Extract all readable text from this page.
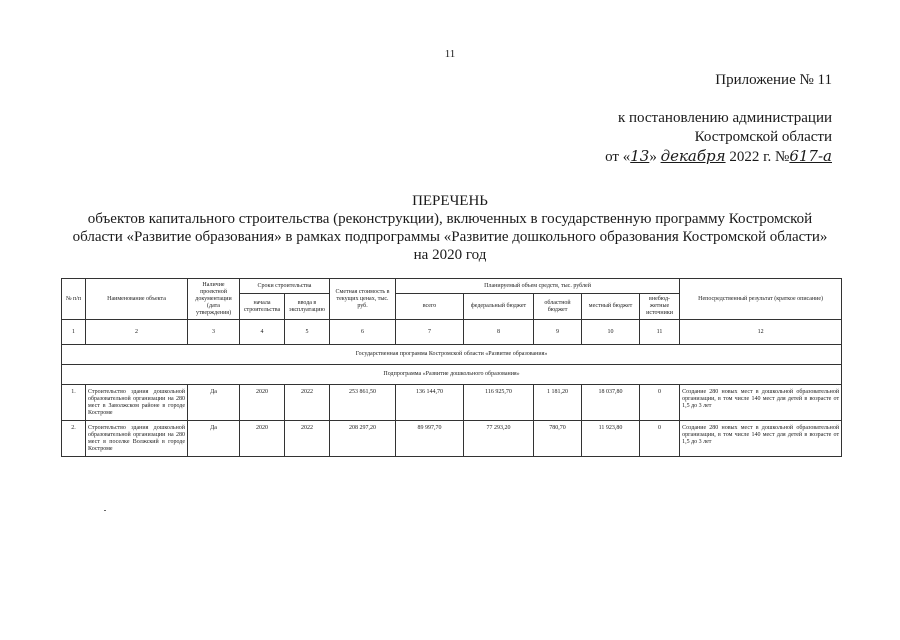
11
Приложение № 11
к постановлению администрации
Костромской области
от «13» декабря 2022 г. №617-а
ПЕРЕЧЕНЬ
объектов капитального строительства (реконструкции), включенных в государственную программу Костромской
области «Развитие образования» в рамках подпрограммы «Развитие дошкольного образования Костромской области»
на 2020 год
№ п/п	Наименование объекта	Наличие проектной документации (дата утверждения)	Сроки строительства		Сметная стоимость в текущих ценах, тыс. руб.	Планируемый объем средств, тыс. рублей					Непосредственный результат (краткое описание)
			начала строительства	ввода в эксплуатацию		всего	федеральный бюджет	областной бюджет	местный бюджет	внебюд- жетные источники	
1	2	3	4	5	6	7	8	9	10	11	12
Государственная программа Костромской области «Развитие образования»											
Подпрограмма «Развитие дошкольного образования»											
1.	Строительство здания дошкольной образовательной организации на 280 мест в Заволжском районе в городе Костроме	Да	2020	2022	253 861,50	136 144,70	116 925,70	1 181,20	18 037,80	0	Создание 280 новых мест в дошкольной образовательной организации, в том числе 140 мест для детей в возрасте от 1,5 до 3 лет
2.	Строительство здания дошкольной образовательной организации на 280 мест в поселке Волжский в городе Костроме	Да	2020	2022	208 297,20	89 997,70	77 293,20	780,70	11 923,80	0	Создание 280 новых мест в дошкольной образовательной организации, в том числе 140 мест для детей в возрасте от 1,5 до 3 лет
